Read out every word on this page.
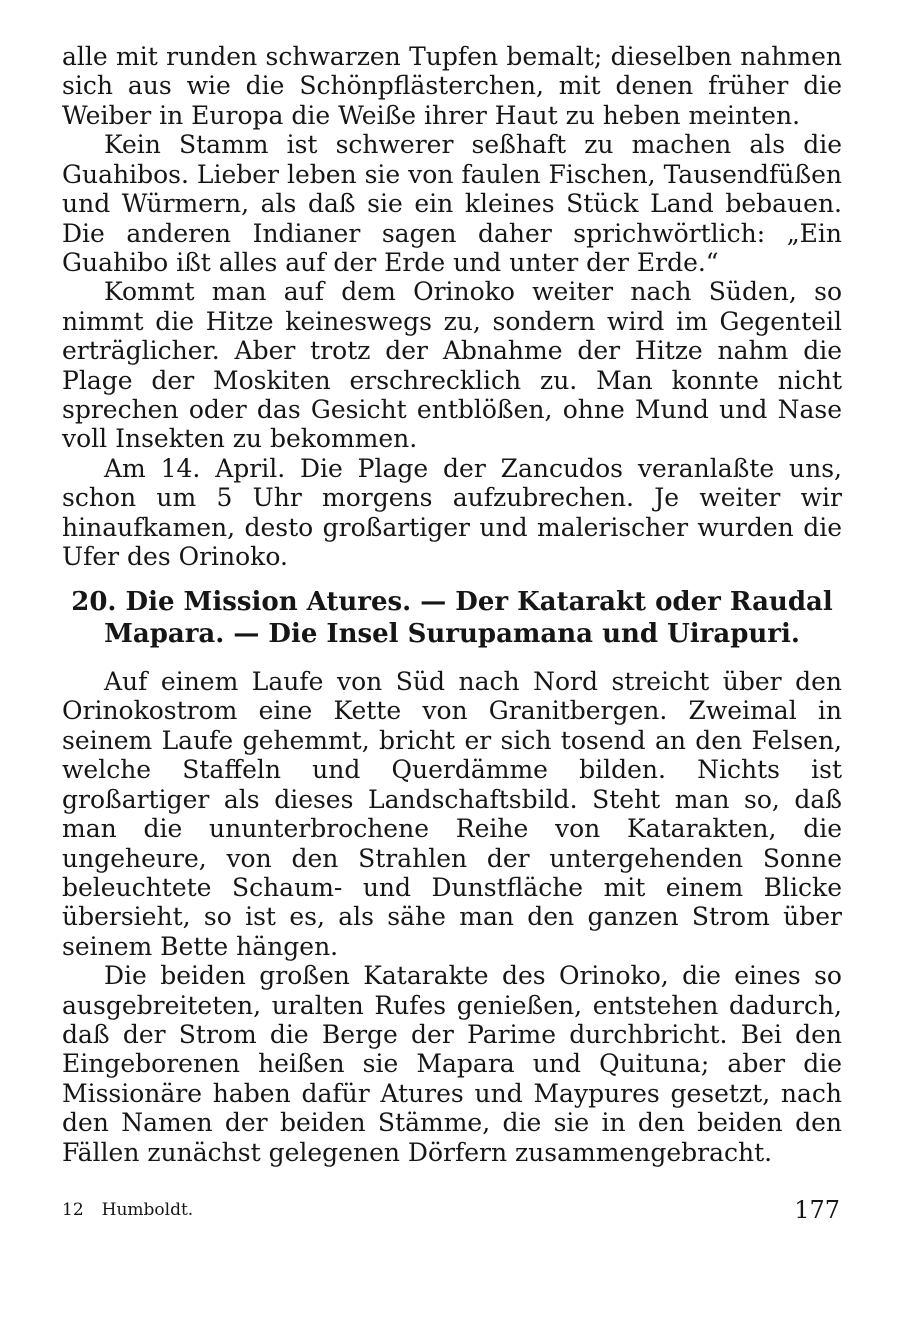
alle mit runden schwarzen Tupfen bemalt; dieselben nahmen sich aus wie die Schönpflästerchen, mit denen früher die Weiber in Europa die Weiße ihrer Haut zu heben meinten.

Kein Stamm ist schwerer seßhaft zu machen als die Guahibos. Lieber leben sie von faulen Fischen, Tausendfüßen und Würmern, als daß sie ein kleines Stück Land bebauen. Die anderen Indianer sagen daher sprichwörtlich: „Ein Guahibo ißt alles auf der Erde und unter der Erde.“

Kommt man auf dem Orinoko weiter nach Süden, so nimmt die Hitze keineswegs zu, sondern wird im Gegenteil erträglicher. Aber trotz der Abnahme der Hitze nahm die Plage der Moskiten erschrecklich zu. Man konnte nicht sprechen oder das Gesicht entblößen, ohne Mund und Nase voll Insekten zu bekommen.

Am 14. April. Die Plage der Zancudos veranlaßte uns, schon um 5 Uhr morgens aufzubrechen. Je weiter wir hinaufkamen, desto großartiger und malerischer wurden die Ufer des Orinoko.

20. Die Mission Atures. — Der Katarakt oder Raudal
Mapara. — Die Insel Surupamana und Uirapuri.

Auf einem Laufe von Süd nach Nord streicht über den Orinokostrom eine Kette von Granitbergen. Zweimal in seinem Laufe gehemmt, bricht er sich tosend an den Felsen, welche Staffeln und Querdämme bilden. Nichts ist großartiger als dieses Landschaftsbild. Steht man so, daß man die ununterbrochene Reihe von Katarakten, die ungeheure, von den Strahlen der untergehenden Sonne beleuchtete Schaum- und Dunstfläche mit einem Blicke übersieht, so ist es, als sähe man den ganzen Strom über seinem Bette hängen.

Die beiden großen Katarakte des Orinoko, die eines so ausgebreiteten, uralten Rufes genießen, entstehen dadurch, daß der Strom die Berge der Parime durchbricht. Bei den Eingeborenen heißen sie Mapara und Quituna; aber die Missionäre haben dafür Atures und Maypures gesetzt, nach den Namen der beiden Stämme, die sie in den beiden den Fällen zunächst gelegenen Dörfern zusammengebracht.

12 Humboldt.	177
